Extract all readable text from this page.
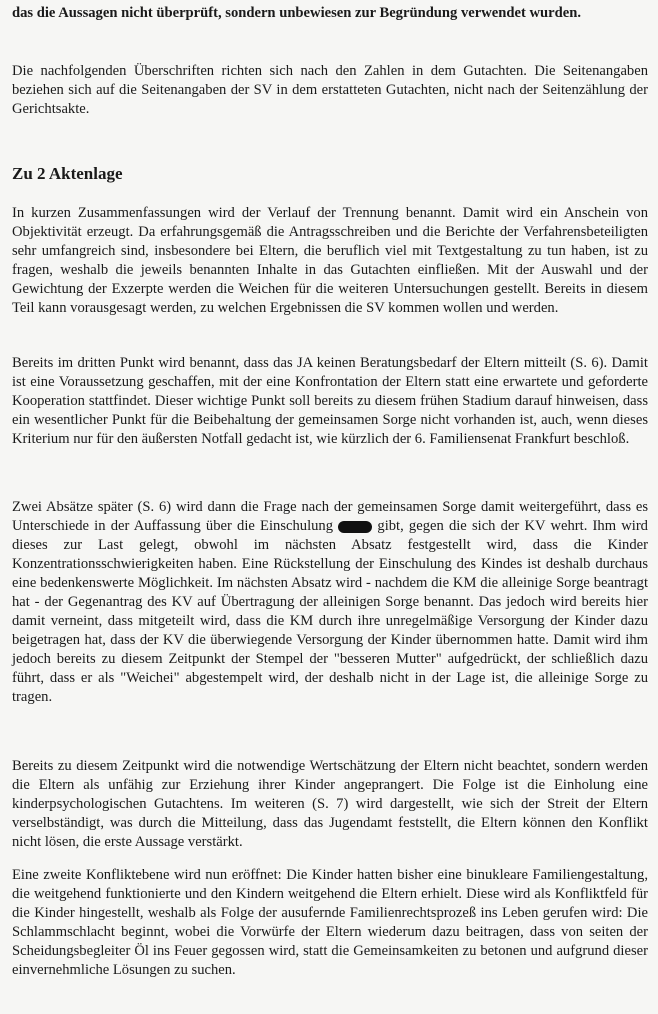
das die Aussagen nicht überprüft, sondern unbewiesen zur Begründung verwendet wurden.
Die nachfolgenden Überschriften richten sich nach den Zahlen in dem Gutachten. Die Seitenangaben beziehen sich auf die Seitenangaben der SV in dem erstatteten Gutachten, nicht nach der Seitenzählung der Gerichtsakte.
Zu 2 Aktenlage
In kurzen Zusammenfassungen wird der Verlauf der Trennung benannt. Damit wird ein Anschein von Objektivität erzeugt. Da erfahrungsgemäß die Antragsschreiben und die Berichte der Verfahrensbeteiligten sehr umfangreich sind, insbesondere bei Eltern, die beruflich viel mit Textgestaltung zu tun haben, ist zu fragen, weshalb die jeweils benannten Inhalte in das Gutachten einfließen. Mit der Auswahl und der Gewichtung der Exzerpte werden die Weichen für die weiteren Untersuchungen gestellt. Bereits in diesem Teil kann vorausgesagt werden, zu welchen Ergebnissen die SV kommen wollen und werden.
Bereits im dritten Punkt wird benannt, dass das JA keinen Beratungsbedarf der Eltern mitteilt (S. 6). Damit ist eine Voraussetzung geschaffen, mit der eine Konfrontation der Eltern statt eine erwartete und geforderte Kooperation stattfindet. Dieser wichtige Punkt soll bereits zu diesem frühen Stadium darauf hinweisen, dass ein wesentlicher Punkt für die Beibehaltung der gemeinsamen Sorge nicht vorhanden ist, auch, wenn dieses Kriterium nur für den äußersten Notfall gedacht ist, wie kürzlich der 6. Familiensenat Frankfurt beschloß.
Zwei Absätze später (S. 6) wird dann die Frage nach der gemeinsamen Sorge damit weitergeführt, dass es Unterschiede in der Auffassung über die Einschulung	gibt, gegen die sich der KV wehrt. Ihm wird dieses zur Last gelegt, obwohl im nächsten Absatz festgestellt wird, dass die Kinder Konzentrationsschwierigkeiten haben. Eine Rückstellung der Einschulung des Kindes ist deshalb durchaus eine bedenkenswerte Möglichkeit. Im nächsten Absatz wird - nachdem die KM die alleinige Sorge beantragt hat - der Gegenantrag des KV auf Übertragung der alleinigen Sorge benannt. Das jedoch wird bereits hier damit verneint, dass mitgeteilt wird, dass die KM durch ihre unregelmäßige Versorgung der Kinder dazu beigetragen hat, dass der KV die überwiegende Versorgung der Kinder übernommen hatte. Damit wird ihm jedoch bereits zu diesem Zeitpunkt der Stempel der "besseren Mutter" aufgedrückt, der schließlich dazu führt, dass er als "Weichei" abgestempelt wird, der deshalb nicht in der Lage ist, die alleinige Sorge zu tragen.
Bereits zu diesem Zeitpunkt wird die notwendige Wertschätzung der Eltern nicht beachtet, sondern werden die Eltern als unfähig zur Erziehung ihrer Kinder angeprangert. Die Folge ist die Einholung eine kinderpsychologischen Gutachtens. Im weiteren (S. 7) wird dargestellt, wie sich der Streit der Eltern verselbständigt, was durch die Mitteilung, dass das Jugendamt feststellt, die Eltern können den Konflikt nicht lösen, die erste Aussage verstärkt.
Eine zweite Konfliktebene wird nun eröffnet: Die Kinder hatten bisher eine binukleare Familiengestaltung, die weitgehend funktionierte und den Kindern weitgehend die Eltern erhielt. Diese wird als Konfliktfeld für die Kinder hingestellt, weshalb als Folge der ausufernde Familienrechtsprozeß ins Leben gerufen wird: Die Schlammschlacht beginnt, wobei die Vorwürfe der Eltern wiederum dazu beitragen, dass von seiten der Scheidungsbegleiter Öl ins Feuer gegossen wird, statt die Gemeinsamkeiten zu betonen und aufgrund dieser einvernehmliche Lösungen zu suchen.
